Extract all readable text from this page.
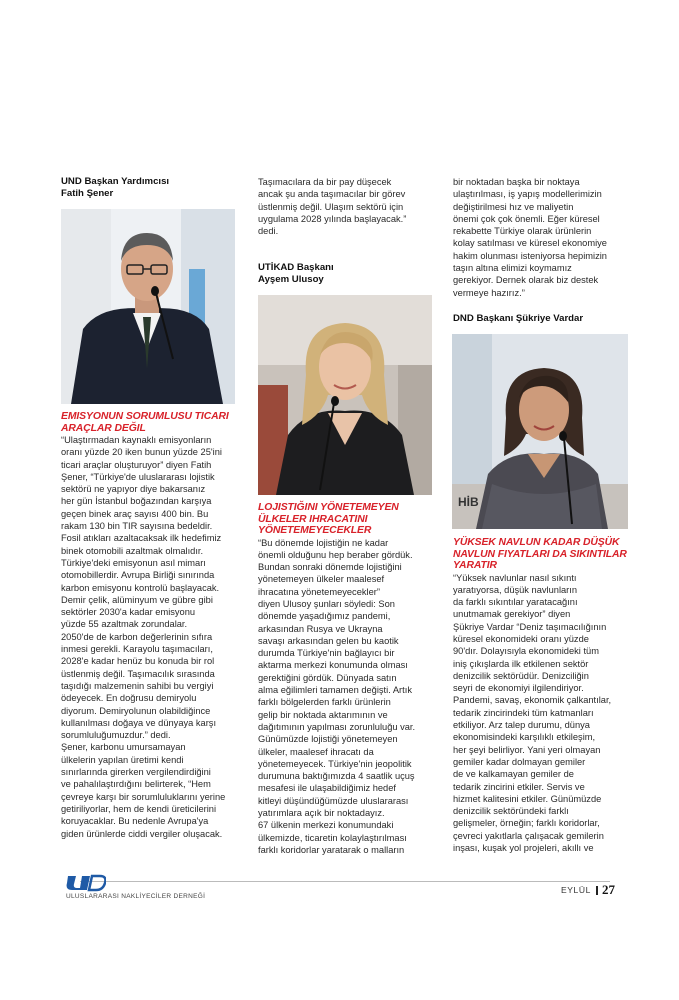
UND Başkan Yardımcısı
Fatih Şener
EMISYONUN SORUMLUSU TICARI ARAÇLAR DEĞIL
“Ulaştırmadan kaynaklı emisyonların
oranı yüzde 20 iken bunun yüzde 25'ini
ticari araçlar oluşturuyor” diyen Fatih
Şener, “Türkiye'de uluslararası lojistik
sektörü ne yapıyor diye bakarsanız
her gün İstanbul boğazından karşıya
geçen binek araç sayısı 400 bin. Bu
rakam 130 bin TIR sayısına bedeldir.
Fosil atıkları azaltacaksak ilk hedefimiz
binek otomobili azaltmak olmalıdır.
Türkiye'deki emisyonun asıl mimarı
otomobillerdir. Avrupa Birliği sınırında
karbon emisyonu kontrolü başlayacak.
Demir çelik, alüminyum ve gübre gibi
sektörler 2030'a kadar emisyonu
yüzde 55 azaltmak zorundalar.
2050'de de karbon değerlerinin sıfıra
inmesi gerekli. Karayolu taşımacıları,
2028'e kadar henüz bu konuda bir rol
üstlenmiş değil. Taşımacılık sırasında
taşıdığı malzemenin sahibi bu vergiyi
ödeyecek. En doğrusu demiryolu
diyorum. Demiryolunun olabildiğince
kullanılması doğaya ve dünyaya karşı
sorumluluğumuzdur.” dedi.
Şener, karbonu umursamayan
ülkelerin yapılan üretimi kendi
sınırlarında girerken vergilendirdiğini
ve pahalılaştırdığını belirterek, “Hem
çevreye karşı bir sorumluluklarını yerine
getiriliyorlar, hem de kendi üreticilerini
koruyacaklar. Bu nedenle Avrupa'ya
giden ürünlerde ciddi vergiler oluşacak.
Taşımacılara da bir pay düşecek
ancak şu anda taşımacılar bir görev
üstlenmiş değil. Ulaşım sektörü için
uygulama 2028 yılında başlayacak.”
dedi.
UTİKAD Başkanı
Ayşem Ulusoy
LOJISTIĞINI YÖNETEMEYEN ÜLKELER IHRACATINI YÖNETEMEYECEKLER
“Bu dönemde lojistiğin ne kadar
önemli olduğunu hep beraber gördük.
Bundan sonraki dönemde lojistiğini
yönetemeyen ülkeler maalesef
ihracatına yönetemeyecekler”
diyen Ulusoy şunları söyledi: Son
dönemde yaşadığımız pandemi,
arkasından Rusya ve Ukrayna
savaşı arkasından gelen bu kaotik
durumda Türkiye'nin bağlayıcı bir
aktarma merkezi konumunda olması
gerektiğini gördük. Dünyada satın
alma eğilimleri tamamen değişti. Artık
farklı bölgelerden farklı ürünlerin
gelip bir noktada aktarımının ve
dağıtımının yapılması zorunluluğu var.
Günümüzde lojistiği yönetemeyen
ülkeler, maalesef ihracatı da
yönetemeyecek. Türkiye'nin jeopolitik
durumuna baktığımızda 4 saatlik uçuş
mesafesi ile ulaşabildiğimiz hedef
kitleyi düşündüğümüzde uluslararası
yatırımlara açık bir noktadayız.
67 ülkenin merkezi konumundaki
ülkemizde, ticaretin kolaylaştırılması
farklı koridorlar yaratarak o malların
bir noktadan başka bir noktaya
ulaştırılması, iş yapış modellerimizin
değiştirilmesi hız ve maliyetin
önemi çok çok önemli. Eğer küresel
rekabette Türkiye olarak ürünlerin
kolay satılması ve küresel ekonomiye
hakim olunması isteniyorsa hepimizin
taşın altına elimizi koymamız
gerekiyor. Dernek olarak biz destek
vermeye hazırız.”
DND Başkanı Şükriye Vardar
HİB
YÜKSEK NAVLUN KADAR DÜŞÜK NAVLUN FIYATLARI DA SIKINTILAR YARATIR
“Yüksek navlunlar nasıl sıkıntı
yaratıyorsa, düşük navlunların
da farklı sıkıntılar yaratacağını
unutmamak gerekiyor” diyen
Şükriye Vardar “Deniz taşımacılığının
küresel ekonomideki oranı yüzde
90'dır. Dolayısıyla ekonomideki tüm
iniş çıkışlarda ilk etkilenen sektör
denizcilik sektörüdür. Denizciliğin
seyri de ekonomiyi ilgilendiriyor.
Pandemi, savaş, ekonomik çalkantılar,
tedarik zincirindeki tüm katmanları
etkiliyor. Arz talep durumu, dünya
ekonomisindeki karşılıklı etkileşim,
her şeyi belirliyor. Yani yeri olmayan
gemiler kadar dolmayan gemiler
de ve kalkamayan gemiler de
tedarik zincirini etkiler. Servis ve
hizmet kalitesini etkiler. Günümüzde
denizcilik sektöründeki farklı
gelişmeler, örneğin; farklı koridorlar,
çevreci yakıtlarla çalışacak gemilerin
inşası, kuşak yol projeleri, akıllı ve
ULUSLARARASI NAKLİYECİLER DERNEĞİ
EYLÜL 27
